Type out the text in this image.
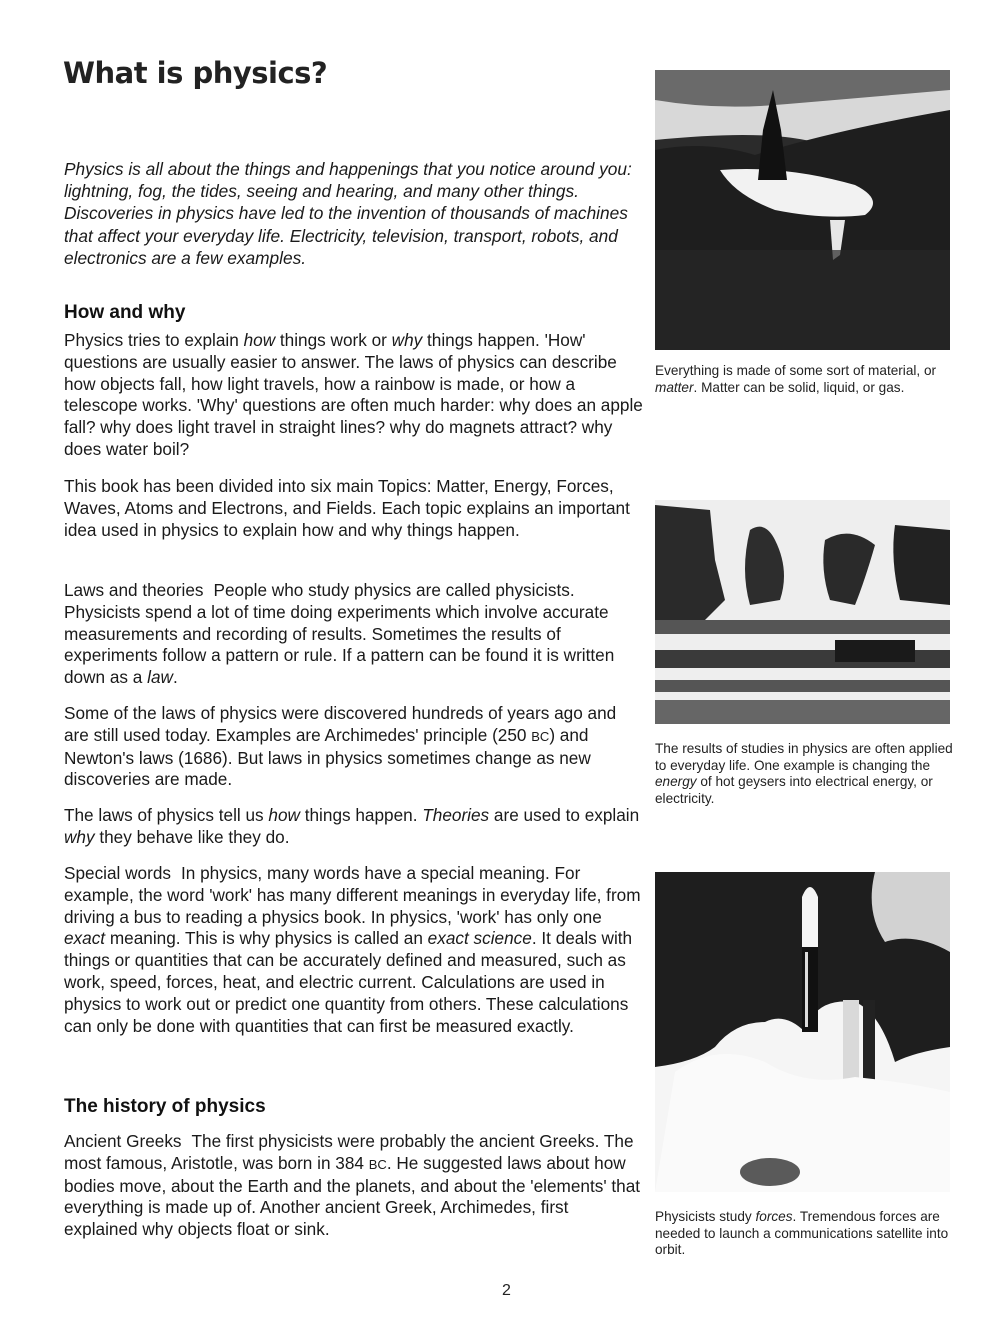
What is physics?

Physics is all about the things and happenings that you notice around you: lightning, fog, the tides, seeing and hearing, and many other things. Discoveries in physics have led to the invention of thousands of machines that affect your everyday life. Electricity, television, transport, robots, and electronics are a few examples.

How and why

Physics tries to explain how things work or why things happen. 'How' questions are usually easier to answer. The laws of physics can describe how objects fall, how light travels, how a rainbow is made, or how a telescope works. 'Why' questions are often much harder: why does an apple fall? why does light travel in straight lines? why do magnets attract? why does water boil?

This book has been divided into six main Topics: Matter, Energy, Forces, Waves, Atoms and Electrons, and Fields. Each topic explains an important idea used in physics to explain how and why things happen.

Laws and theories People who study physics are called physicists. Physicists spend a lot of time doing experiments which involve accurate measurements and recording of results. Sometimes the results of experiments follow a pattern or rule. If a pattern can be found it is written down as a law.

Some of the laws of physics were discovered hundreds of years ago and are still used today. Examples are Archimedes' principle (250 BC) and Newton's laws (1686). But laws in physics sometimes change as new discoveries are made.

The laws of physics tell us how things happen. Theories are used to explain why they behave like they do.

Special words In physics, many words have a special meaning. For example, the word 'work' has many different meanings in everyday life, from driving a bus to reading a physics book. In physics, 'work' has only one exact meaning. This is why physics is called an exact science. It deals with things or quantities that can be accurately defined and measured, such as work, speed, forces, heat, and electric current. Calculations are used in physics to work out or predict one quantity from others. These calculations can only be done with quantities that can first be measured exactly.

The history of physics

Ancient Greeks The first physicists were probably the ancient Greeks. The most famous, Aristotle, was born in 384 BC. He suggested laws about how bodies move, about the Earth and the planets, and about the 'elements' that everything is made up of. Another ancient Greek, Archimedes, first explained why objects float or sink.

Everything is made of some sort of material, or matter. Matter can be solid, liquid, or gas.

The results of studies in physics are often applied to everyday life. One example is changing the energy of hot geysers into electrical energy, or electricity.

Physicists study forces. Tremendous forces are needed to launch a communications satellite into orbit.

2
